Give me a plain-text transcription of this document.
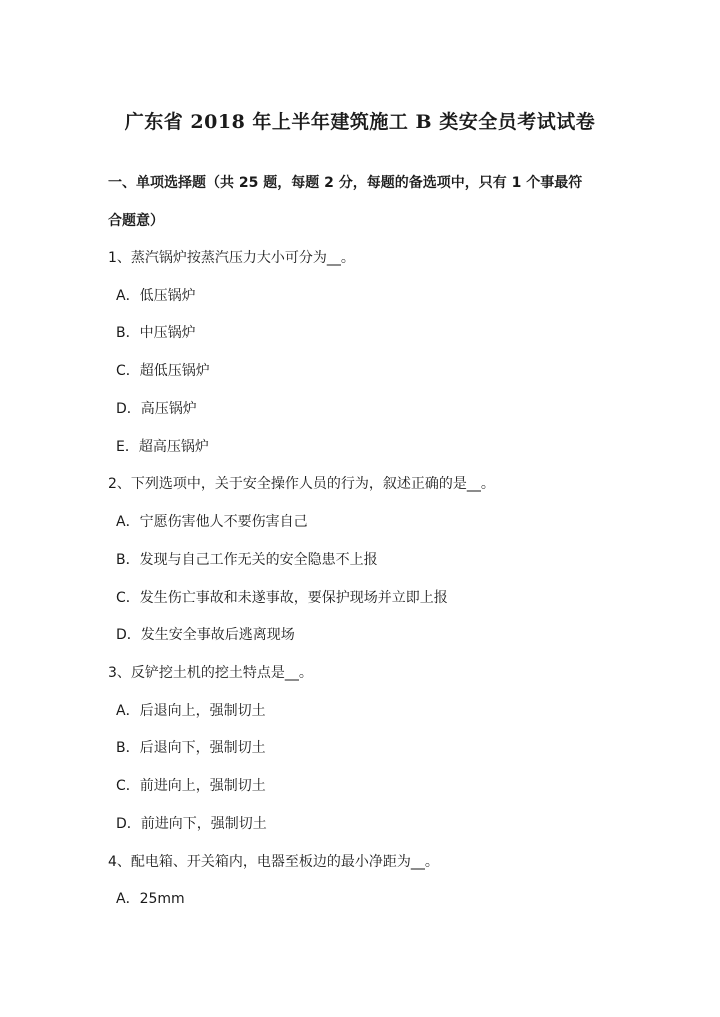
广东省 2018 年上半年建筑施工 B 类安全员考试试卷
一、单项选择题（共 25 题，每题 2 分，每题的备选项中，只有 1 个事最符
合题意）
1、蒸汽锅炉按蒸汽压力大小可分为__。
A．低压锅炉
B．中压锅炉
C．超低压锅炉
D．高压锅炉
E．超高压锅炉
2、下列选项中，关于安全操作人员的行为，叙述正确的是__。
A．宁愿伤害他人不要伤害自己
B．发现与自己工作无关的安全隐患不上报
C．发生伤亡事故和未遂事故，要保护现场并立即上报
D．发生安全事故后逃离现场
3、反铲挖土机的挖土特点是__。
A．后退向上，强制切土
B．后退向下，强制切土
C．前进向上，强制切土
D．前进向下，强制切土
4、配电箱、开关箱内，电器至板边的最小净距为__。
A．25mm
